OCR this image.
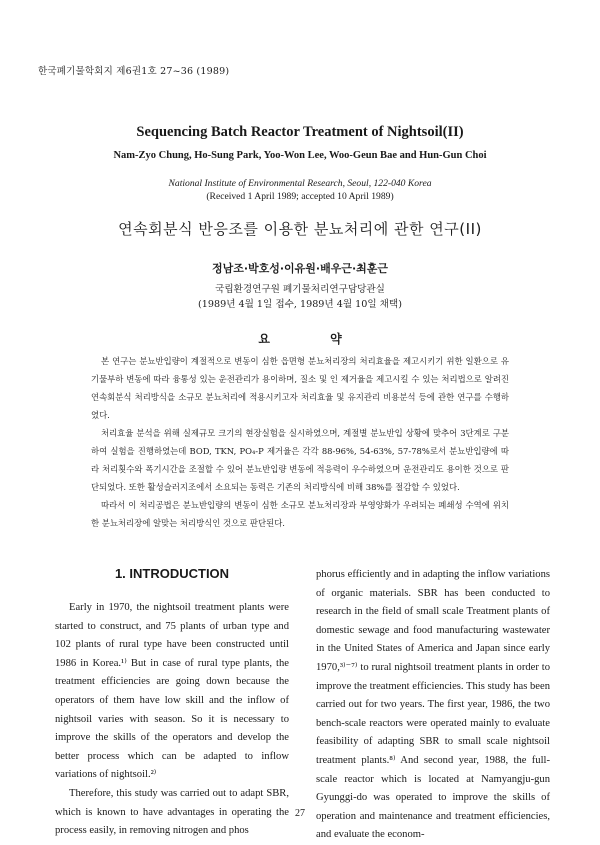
한국폐기물학회지 제6권1호 27~36 (1989)
Sequencing Batch Reactor Treatment of Nightsoil(II)
Nam-Zyo Chung, Ho-Sung Park, Yoo-Won Lee, Woo-Geun Bae and Hun-Gun Choi
National Institute of Environmental Research, Seoul, 122-040 Korea
(Received 1 April 1989; accepted 10 April 1989)
연속회분식 반응조를 이용한 분뇨처리에 관한 연구(II)
정남조·박호성·이유원·배우근·최훈근
국립환경연구원 폐기물처리연구담당관실
(1989년 4월 1일 접수, 1989년 4월 10일 채택)
요 약

본 연구는 분뇨반입량이 계절적으로 변동이 심한 읍면형 분뇨처리장의 처리효율을 제고시키기 위한 일환으로 유기물부하 변동에 따라 융통성 있는 운전관리가 용이하며, 질소 및 인 제거율을 제고시킬 수 있는 처리법으로 알려진 연속회분식 처리방식을 소규모 분뇨처리에 적용시키고자 처리효율 및 유지관리 비용분석 등에 관한 연구를 수행하였다.

처리효율 분석을 위해 실제규모 크기의 현장실험을 실시하였으며, 계절별 분뇨반입 상황에 맞추어 3단계로 구분하여 실험을 진행하였는데 BOD, TKN, PO₄-P 제거율은 각각 88-96%, 54-63%, 57-78%로서 분뇨반입량에 따라 처리횟수와 폭기시간을 조절할 수 있어 분뇨반입량 변동에 적응력이 우수하였으며 운전관리도 용이한 것으로 판단되었다. 또한 활성슬러지조에서 소요되는 동력은 기존의 처리방식에 비해 38%를 절감할 수 있었다.

따라서 이 처리공법은 분뇨반입량의 변동이 심한 소규모 분뇨처리장과 부영양화가 우려되는 폐쇄성 수역에 위치한 분뇨처리장에 알맞는 처리방식인 것으로 판단된다.

1. INTRODUCTION

Early in 1970, the nightsoil treatment plants were started to construct, and 75 plants of urban type and 102 plants of rural type have been constructed until 1986 in Korea.¹⁾ But in case of rural type plants, the treatment efficiencies are going down because the operators of them have low skill and the inflow of nightsoil varies with season. So it is necessary to improve the skills of the operators and develop the better process which can be adapted to inflow variations of nightsoil.²⁾

Therefore, this study was carried out to adapt SBR, which is known to have advantages in operating the process easily, in removing nitrogen and phos

phorus efficiently and in adapting the inflow variations of organic materials. SBR has been conducted to research in the field of small scale Treatment plants of domestic sewage and food manufacturing wastewater in the United States of America and Japan since early 1970,³⁾⁻⁷⁾ to rural nightsoil treatment plants in order to improve the treatment efficiencies. This study has been carried out for two years. The first year, 1986, the two bench-scale reactors were operated mainly to evaluate feasibility of adapting SBR to small scale nightsoil treatment plants.⁸⁾ And second year, 1988, the full-scale reactor which is located at Namyangju-gun Gyunggi-do was operated to improve the skills of operation and maintenance and treatment efficiencies, and evaluate the econom-

27
